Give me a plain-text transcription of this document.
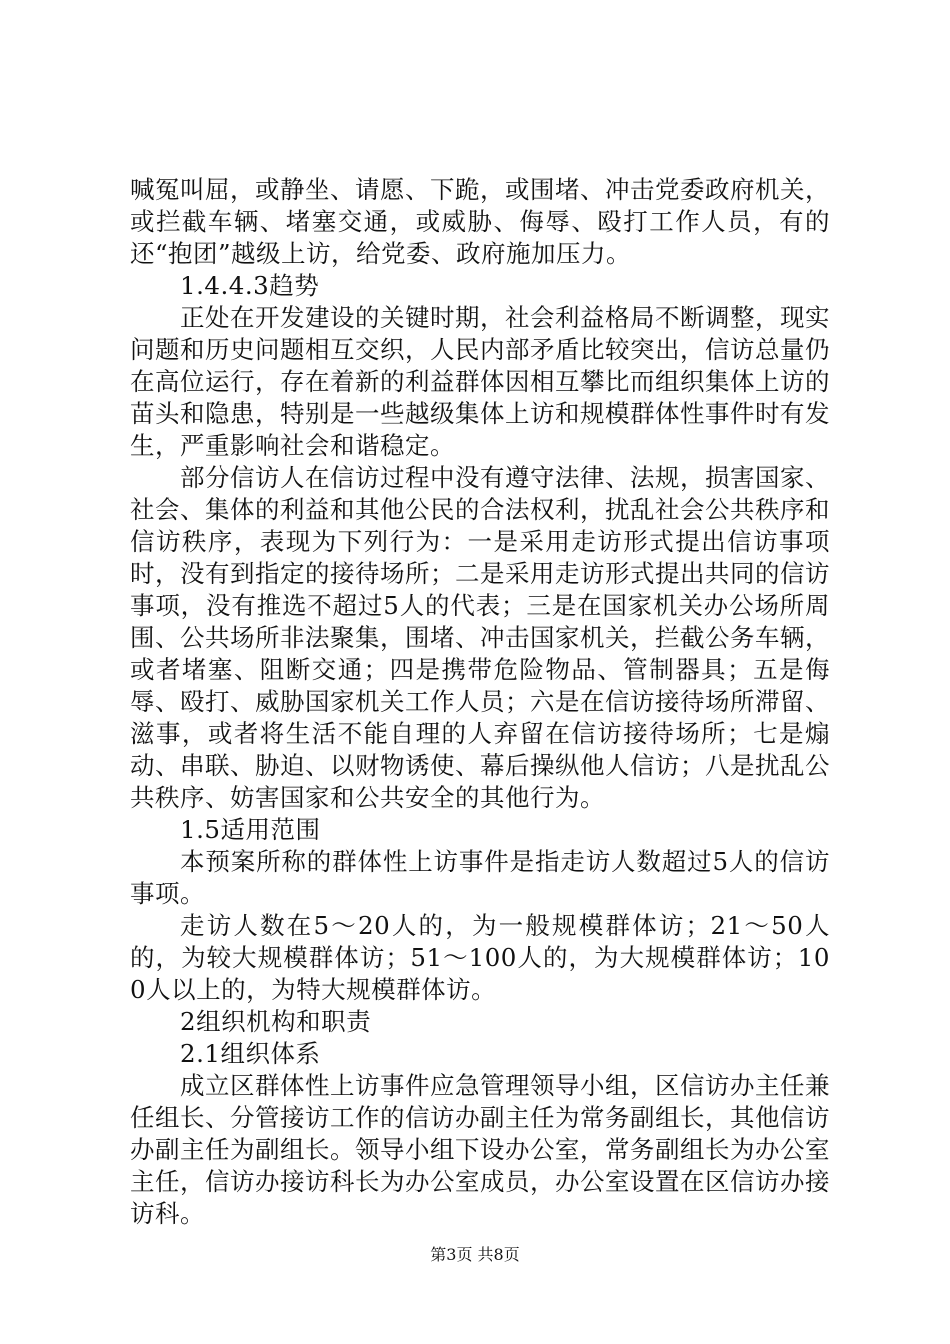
喊冤叫屈，或静坐、请愿、下跪，或围堵、冲击党委政府机关，或拦截车辆、堵塞交通，或威胁、侮辱、殴打工作人员，有的还“抱团”越级上访，给党委、政府施加压力。

1.4.4.3趋势

正处在开发建设的关键时期，社会利益格局不断调整，现实问题和历史问题相互交织，人民内部矛盾比较突出，信访总量仍在高位运行，存在着新的利益群体因相互攀比而组织集体上访的苗头和隐患，特别是一些越级集体上访和规模群体性事件时有发生，严重影响社会和谐稳定。

部分信访人在信访过程中没有遵守法律、法规，损害国家、社会、集体的利益和其他公民的合法权利，扰乱社会公共秩序和信访秩序，表现为下列行为：一是采用走访形式提出信访事项时，没有到指定的接待场所；二是采用走访形式提出共同的信访事项，没有推选不超过5人的代表；三是在国家机关办公场所周围、公共场所非法聚集，围堵、冲击国家机关，拦截公务车辆，或者堵塞、阻断交通；四是携带危险物品、管制器具；五是侮辱、殴打、威胁国家机关工作人员；六是在信访接待场所滞留、滋事，或者将生活不能自理的人弃留在信访接待场所；七是煽动、串联、胁迫、以财物诱使、幕后操纵他人信访；八是扰乱公共秩序、妨害国家和公共安全的其他行为。

1.5适用范围

本预案所称的群体性上访事件是指走访人数超过5人的信访事项。

走访人数在5～20人的，为一般规模群体访；21～50人的，为较大规模群体访；51～100人的，为大规模群体访；100人以上的，为特大规模群体访。

2组织机构和职责

2.1组织体系

成立区群体性上访事件应急管理领导小组，区信访办主任兼任组长、分管接访工作的信访办副主任为常务副组长，其他信访办副主任为副组长。领导小组下设办公室，常务副组长为办公室主任，信访办接访科长为办公室成员，办公室设置在区信访办接访科。

第3页 共8页
